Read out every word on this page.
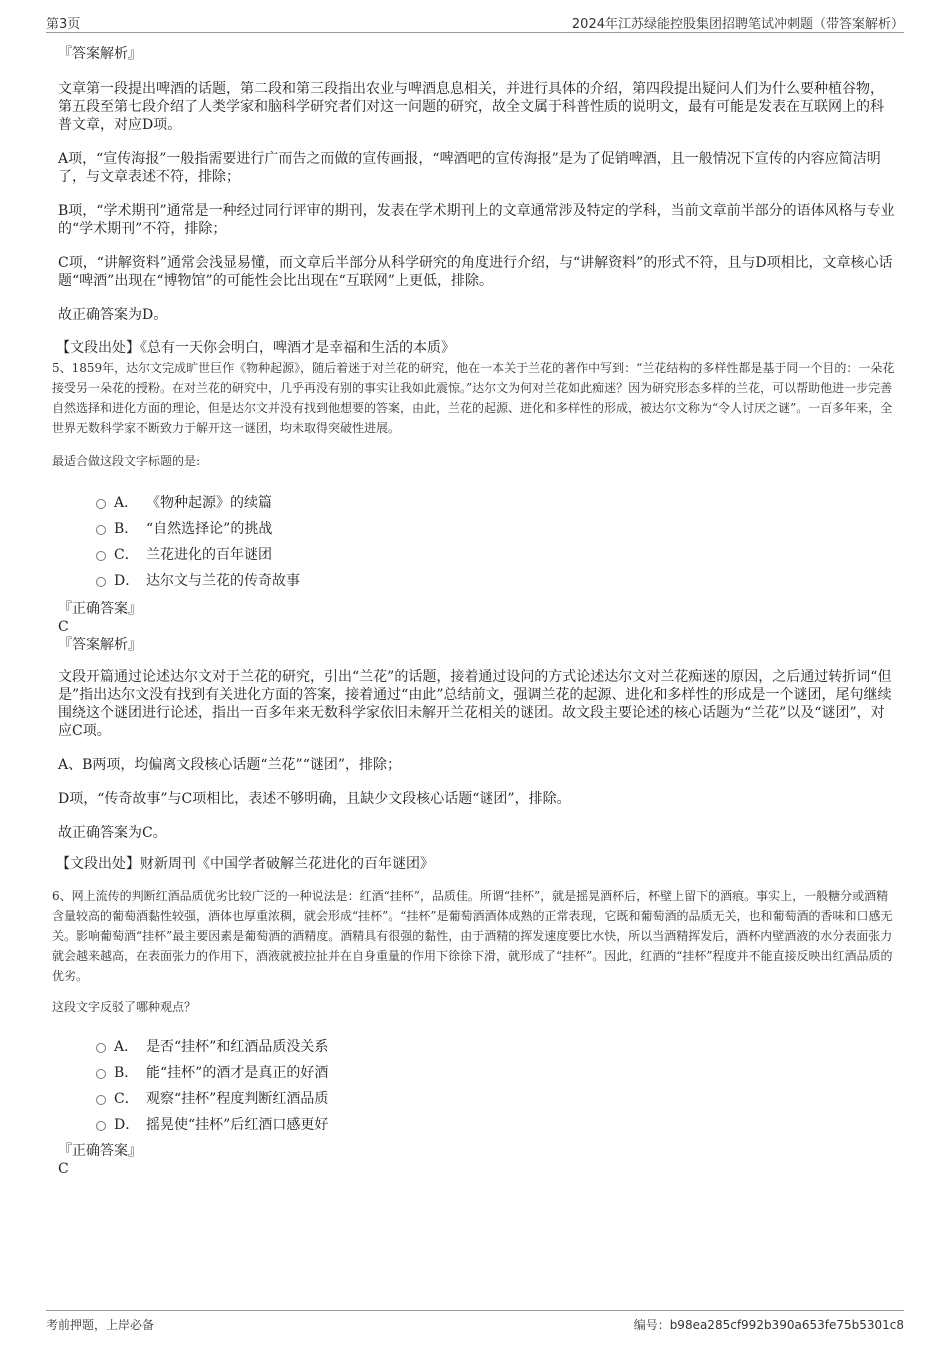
第3页	2024年江苏绿能控股集团招聘笔试冲刺题（带答案解析）
『答案解析』

文章第一段提出啤酒的话题，第二段和第三段指出农业与啤酒息息相关，并进行具体的介绍，第四段提出疑问人们为什么要种植谷物，第五段至第七段介绍了人类学家和脑科学研究者们对这一问题的研究，故全文属于科普性质的说明文，最有可能是发表在互联网上的科普文章，对应D项。

A项，“宣传海报”一般指需要进行广而告之而做的宣传画报，“啤酒吧的宣传海报”是为了促销啤酒，且一般情况下宣传的内容应简洁明了，与文章表述不符，排除；

B项，“学术期刊”通常是一种经过同行评审的期刊，发表在学术期刊上的文章通常涉及特定的学科，当前文章前半部分的语体风格与专业的“学术期刊”不符，排除；

C项，“讲解资料”通常会浅显易懂，而文章后半部分从科学研究的角度进行介绍，与“讲解资料”的形式不符，且与D项相比，文章核心话题“啤酒”出现在“博物馆”的可能性会比出现在“互联网”上更低，排除。

故正确答案为D。

【文段出处】《总有一天你会明白，啤酒才是幸福和生活的本质》
5、1859年，达尔文完成旷世巨作《物种起源》，随后着迷于对兰花的研究，他在一本关于兰花的著作中写到：“兰花结构的多样性都是基于同一个目的：一朵花接受另一朵花的授粉。在对兰花的研究中，几乎再没有别的事实让我如此震惊。”达尔文为何对兰花如此痴迷？因为研究形态多样的兰花，可以帮助他进一步完善自然选择和进化方面的理论，但是达尔文并没有找到他想要的答案，由此，兰花的起源、进化和多样性的形成，被达尔文称为“令人讨厌之谜”。一百多年来，全世界无数科学家不断致力于解开这一谜团，均未取得突破性进展。
最适合做这段文字标题的是:
A． 《物种起源》的续篇
B． “自然选择论”的挑战
C． 兰花进化的百年谜团
D． 达尔文与兰花的传奇故事
『正确答案』
C
『答案解析』

文段开篇通过论述达尔文对于兰花的研究，引出“兰花”的话题，接着通过设问的方式论述达尔文对兰花痴迷的原因，之后通过转折词“但是”指出达尔文没有找到有关进化方面的答案，接着通过“由此”总结前文，强调兰花的起源、进化和多样性的形成是一个谜团，尾句继续围绕这个谜团进行论述，指出一百多年来无数科学家依旧未解开兰花相关的谜团。故文段主要论述的核心话题为“兰花”以及“谜团”，对应C项。

A、B两项，均偏离文段核心话题“兰花”“谜团”，排除；

D项，“传奇故事”与C项相比，表述不够明确，且缺少文段核心话题“谜团”，排除。

故正确答案为C。

【文段出处】财新周刊《中国学者破解兰花进化的百年谜团》
6、网上流传的判断红酒品质优劣比较广泛的一种说法是：红酒“挂杯”，品质佳。所谓“挂杯”，就是摇晃酒杯后，杯壁上留下的酒痕。事实上，一般糖分或酒精含量较高的葡萄酒黏性较强，酒体也厚重浓稠，就会形成“挂杯”。“挂杯”是葡萄酒酒体成熟的正常表现，它既和葡萄酒的品质无关，也和葡萄酒的香味和口感无关。影响葡萄酒“挂杯”最主要因素是葡萄酒的酒精度。酒精具有很强的黏性，由于酒精的挥发速度要比水快，所以当酒精挥发后，酒杯内壁酒液的水分表面张力就会越来越高，在表面张力的作用下，酒液就被拉扯并在自身重量的作用下徐徐下滑，就形成了“挂杯”。因此，红酒的“挂杯”程度并不能直接反映出红酒品质的优劣。
这段文字反驳了哪种观点？
A． 是否“挂杯”和红酒品质没关系
B． 能“挂杯”的酒才是真正的好酒
C． 观察“挂杯”程度判断红酒品质
D． 摇晃使“挂杯”后红酒口感更好
『正确答案』
C
考前押题，上岸必备	编号：b98ea285cf992b390a653fe75b5301c8
